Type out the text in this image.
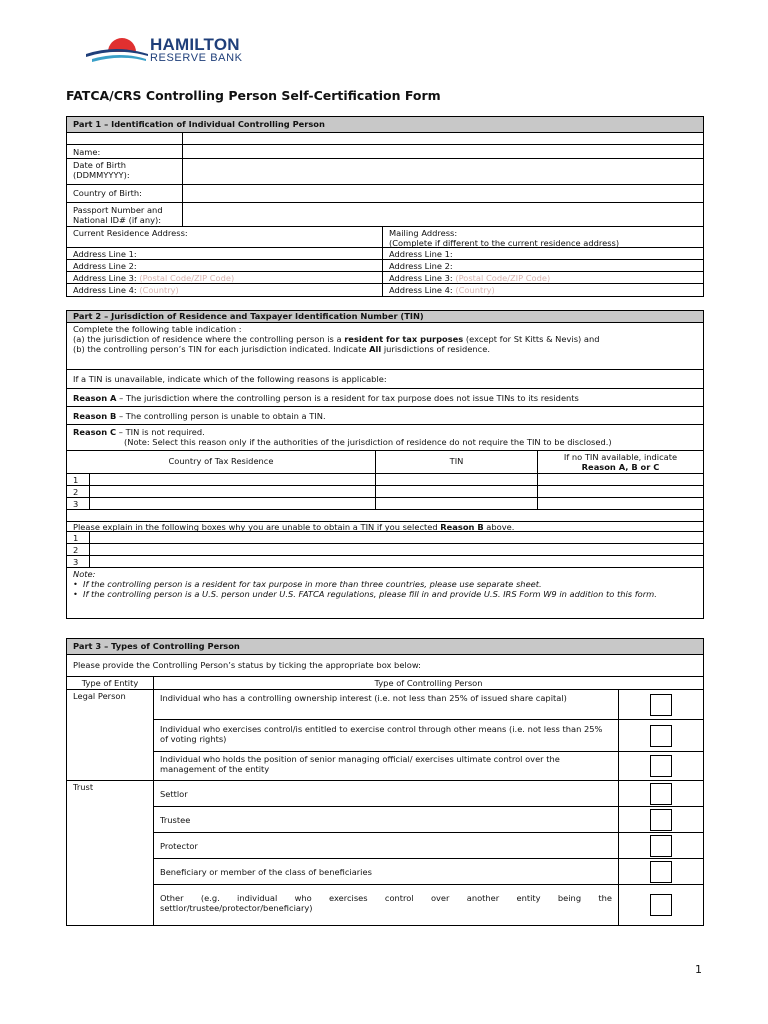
HAMILTON
RESERVE BANK
FATCA/CRS Controlling Person Self-Certification Form
Part 1 – Identification of Individual Controlling Person
Name:
Date of Birth
(DDMMYYYY):
Country of Birth:
Passport Number and
National ID# (if any):
Current Residence Address:	Mailing Address:
(Complete if different to the current residence address)
Address Line 1:	Address Line 1:
Address Line 2:	Address Line 2:
Address Line 3: (Postal Code/ZIP Code)	Address Line 3: (Postal Code/ZIP Code)
Address Line 4: (Country)	Address Line 4: (Country)
Part 2 – Jurisdiction of Residence and Taxpayer Identification Number (TIN)
Complete the following table indication :
(a) the jurisdiction of residence where the controlling person is a resident for tax purposes (except for St Kitts & Nevis) and
(b) the controlling person’s TIN for each jurisdiction indicated. Indicate All jurisdictions of residence.
If a TIN is unavailable, indicate which of the following reasons is applicable:
Reason A – The jurisdiction where the controlling person is a resident for tax purpose does not issue TINs to its residents
Reason B – The controlling person is unable to obtain a TIN.
Reason C – TIN is not required.
(Note: Select this reason only if the authorities of the jurisdiction of residence do not require the TIN to be disclosed.)
Country of Tax Residence	TIN	If no TIN available, indicate
Reason A, B or C
1
2
3
Please explain in the following boxes why you are unable to obtain a TIN if you selected Reason B above.
1
2
3
Note:
• If the controlling person is a resident for tax purpose in more than three countries, please use separate sheet.
• If the controlling person is a U.S. person under U.S. FATCA regulations, please fill in and provide U.S. IRS Form W9 in addition to this form.
Part 3 – Types of Controlling Person
Please provide the Controlling Person’s status by ticking the appropriate box below:
Type of Entity	Type of Controlling Person
Legal Person	Individual who has a controlling ownership interest (i.e. not less than 25% of issued share capital)
Individual who exercises control/is entitled to exercise control through other means (i.e. not less than 25% of voting rights)
Individual who holds the position of senior managing official/ exercises ultimate control over the management of the entity
Trust
Settlor
Trustee
Protector
Beneficiary or member of the class of beneficiaries
Other (e.g. individual who exercises control over another entity being the settlor/trustee/protector/beneficiary)
1
